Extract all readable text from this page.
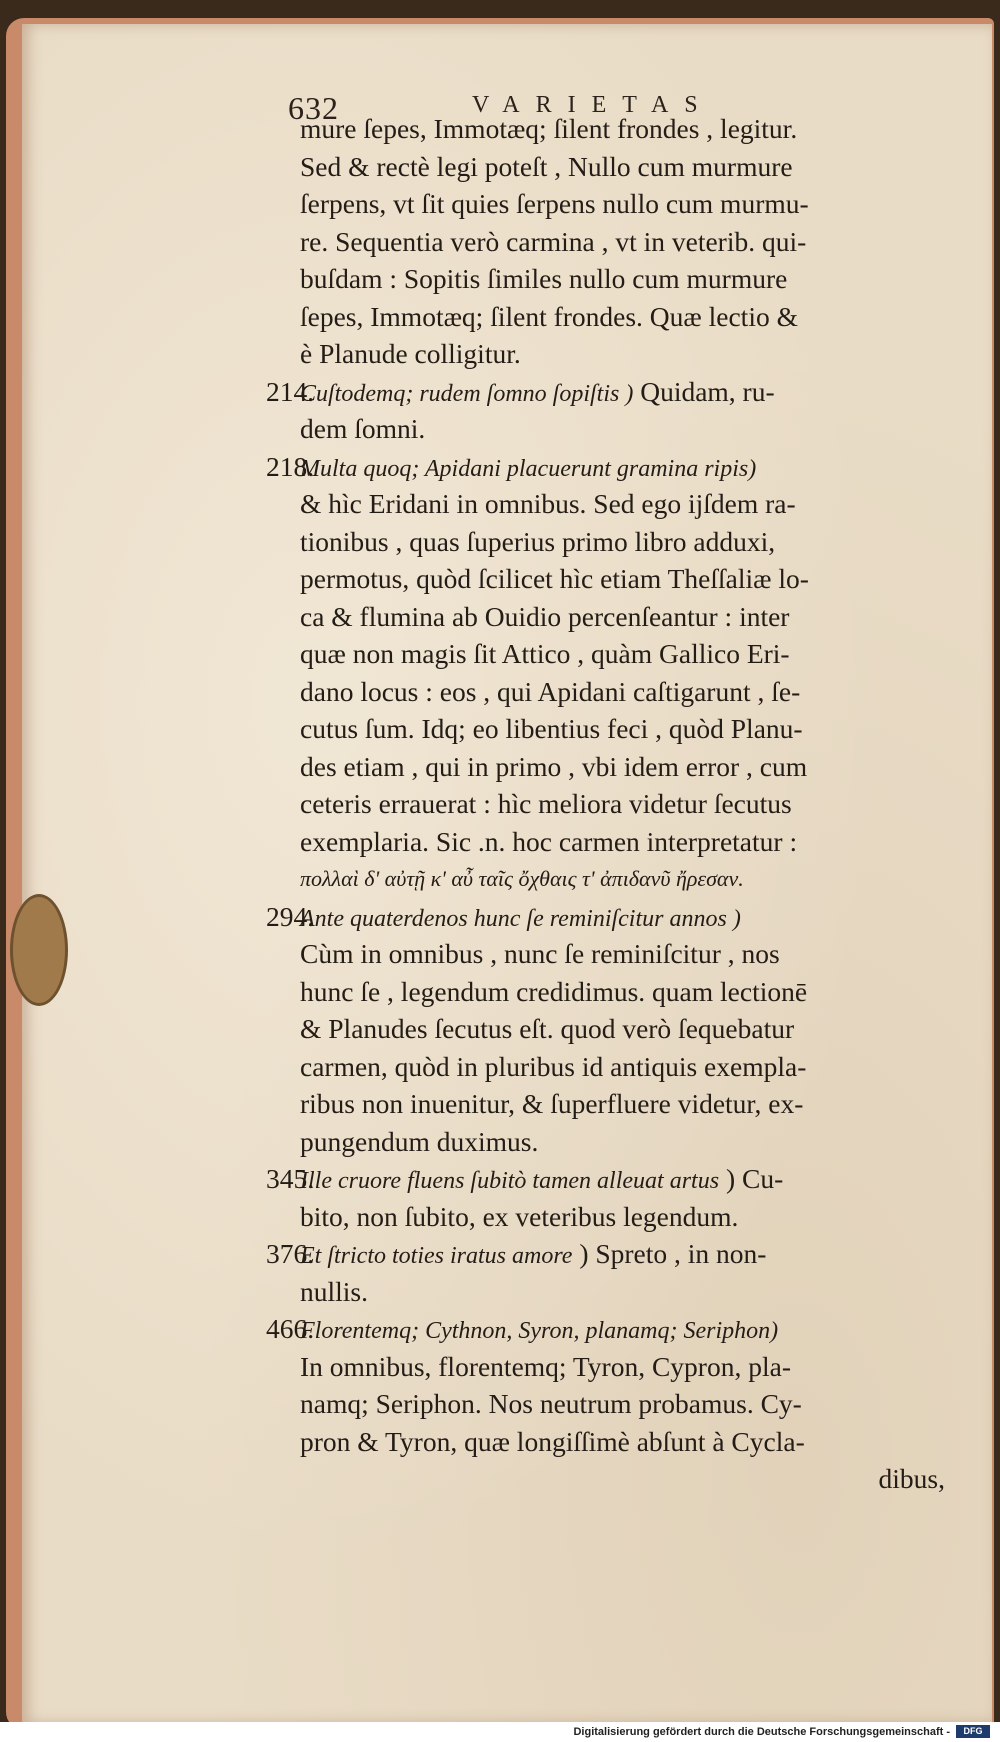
632	VARIETAS
mure ſepes, Immotæq; ſilent frondes , legitur.
Sed & rectè legi poteſt , Nullo cum murmure
ſerpens, vt ſit quies ſerpens nullo cum murmu-
re. Sequentia verò carmina , vt in veterib. qui-
buſdam : Sopitis ſimiles nullo cum murmure
ſepes, Immotæq; ſilent frondes. Quæ lectio &
è Planude colligitur.
214.Cuſtodemq; rudem ſomno ſopiſtis ) Quidam, ru-
dem ſomni.
218.Multa quoq; Apidani placuerunt gramina ripis)
& hìc Eridani in omnibus. Sed ego ijſdem ra-
tionibus , quas ſuperius primo libro adduxi,
permotus, quòd ſcilicet hìc etiam Theſſaliæ lo-
ca & flumina ab Ouidio percenſeantur : inter
quæ non magis ſit Attico , quàm Gallico Eri-
dano locus : eos , qui Apidani caſtigarunt , ſe-
cutus ſum. Idq; eo libentius feci , quòd Planu-
des etiam , qui in primo , vbi idem error , cum
ceteris errauerat : hìc meliora videtur ſecutus
exemplaria. Sic .n. hoc carmen interpretatur :
πολλαὶ δ' αὐτῇ κ' αὖ ταῖς ὄχθαις τ' ἀπιδανῦ ἤρεσαν.
294.Ante quaterdenos hunc ſe reminiſcitur annos )
Cùm in omnibus , nunc ſe reminiſcitur , nos
hunc ſe , legendum credidimus. quam lectionē
& Planudes ſecutus eſt. quod verò ſequebatur
carmen, quòd in pluribus id antiquis exempla-
ribus non inuenitur, & ſuperfluere videtur, ex-
pungendum duximus.
345.Ille cruore fluens ſubitò tamen alleuat artus ) Cu-
bito, non ſubito, ex veteribus legendum.
376.Et ſtricto toties iratus amore ) Spreto , in non-
nullis.
466.Florentemq; Cythnon, Syron, planamq; Seriphon)
In omnibus, florentemq; Tyron, Cypron, pla-
namq; Seriphon. Nos neutrum probamus. Cy-
pron & Tyron, quæ longiſſimè abſunt à Cycla-
dibus,
Digitalisierung gefördert durch die Deutsche Forschungsgemeinschaft -	DFG
